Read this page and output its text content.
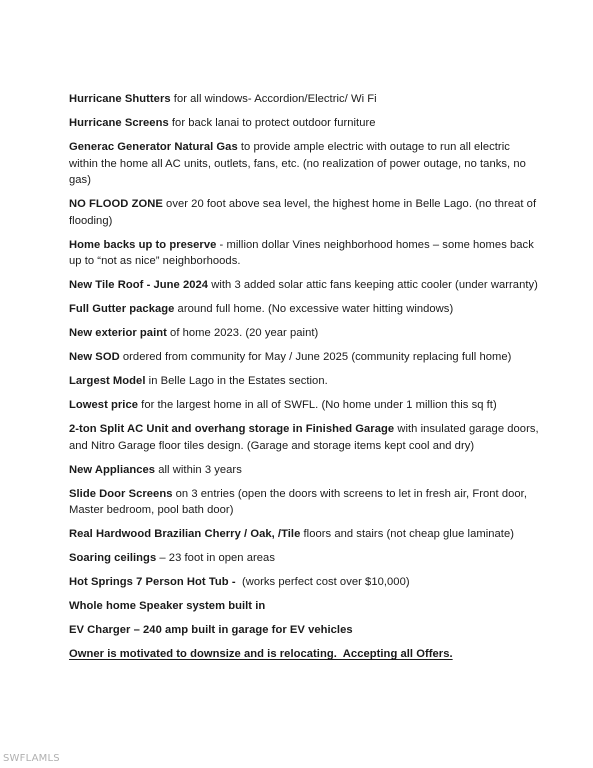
Hurricane Shutters for all windows- Accordion/Electric/ Wi Fi

Hurricane Screens for back lanai to protect outdoor furniture

Generac Generator Natural Gas to provide ample electric with outage to run all electric within the home all AC units, outlets, fans, etc. (no realization of power outage, no tanks, no gas)

NO FLOOD ZONE over 20 foot above sea level, the highest home in Belle Lago. (no threat of flooding)

Home backs up to preserve - million dollar Vines neighborhood homes – some homes back up to “not as nice” neighborhoods.

New Tile Roof - June 2024 with 3 added solar attic fans keeping attic cooler (under warranty)

Full Gutter package around full home. (No excessive water hitting windows)

New exterior paint of home 2023. (20 year paint)

New SOD ordered from community for May / June 2025 (community replacing full home)

Largest Model in Belle Lago in the Estates section.

Lowest price for the largest home in all of SWFL. (No home under 1 million this sq ft)

2-ton Split AC Unit and overhang storage in Finished Garage with insulated garage doors, and Nitro Garage floor tiles design. (Garage and storage items kept cool and dry)

New Appliances all within 3 years

Slide Door Screens on 3 entries (open the doors with screens to let in fresh air, Front door, Master bedroom, pool bath door)

Real Hardwood Brazilian Cherry / Oak, /Tile floors and stairs (not cheap glue laminate)

Soaring ceilings – 23 foot in open areas

Hot Springs 7 Person Hot Tub -  (works perfect cost over $10,000)

Whole home Speaker system built in

EV Charger – 240 amp built in garage for EV vehicles

Owner is motivated to downsize and is relocating.  Accepting all Offers.

SWFLAMLS
